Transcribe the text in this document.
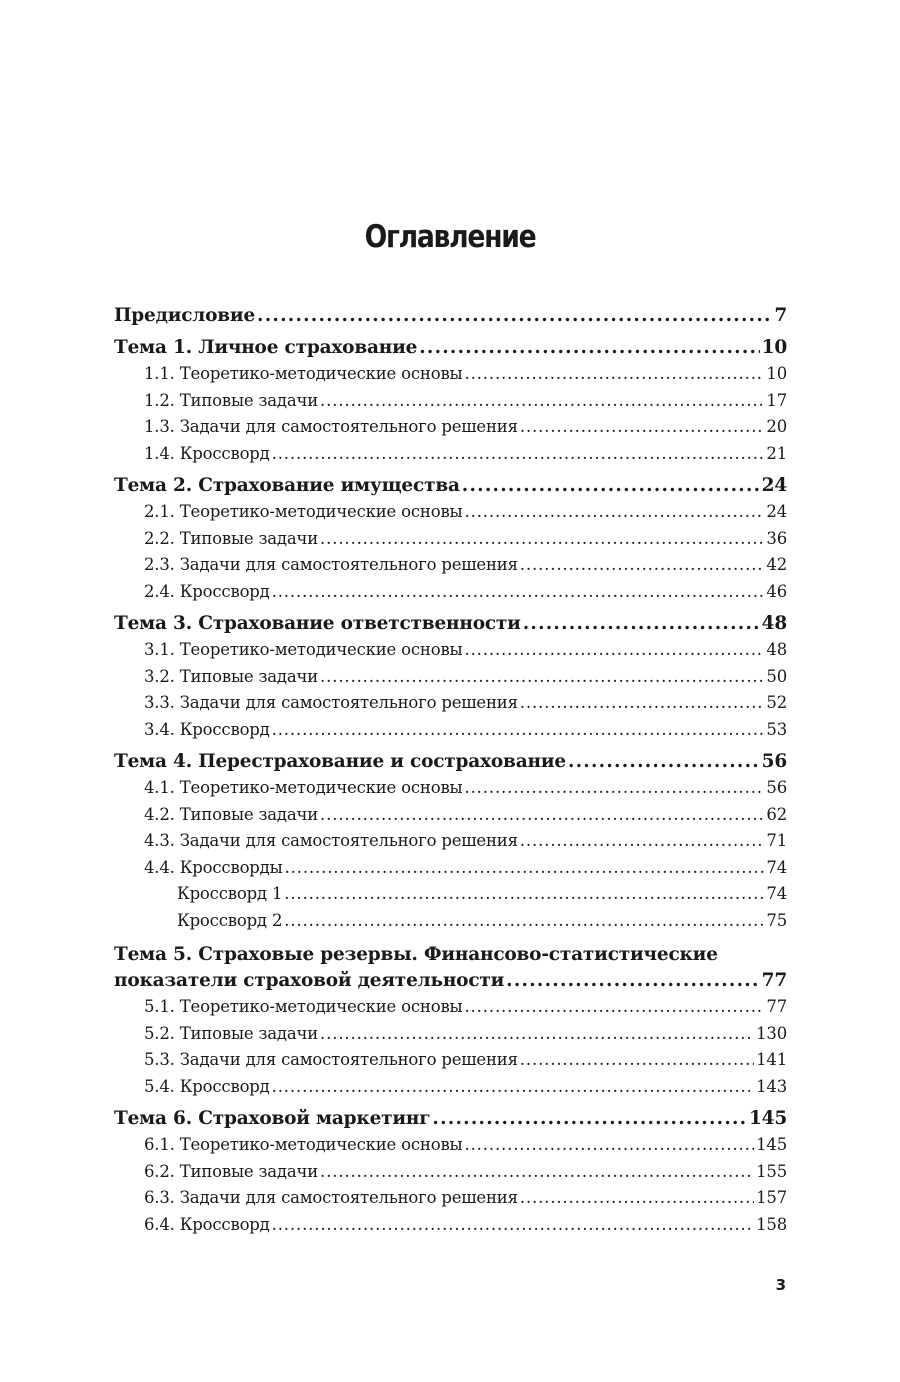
Оглавление
Предисловие . . .	7
Тема 1. Личное страхование . . .	10
1.1. Теоретико-методические основы . . .	10
1.2. Типовые задачи . . .	17
1.3. Задачи для самостоятельного решения . . .	20
1.4. Кроссворд . . .	21
Тема 2. Страхование имущества . . .	24
2.1. Теоретико-методические основы . . .	24
2.2. Типовые задачи . . .	36
2.3. Задачи для самостоятельного решения . . .	42
2.4. Кроссворд . . .	46
Тема 3. Страхование ответственности . . .	48
3.1. Теоретико-методические основы . . .	48
3.2. Типовые задачи . . .	50
3.3. Задачи для самостоятельного решения . . .	52
3.4. Кроссворд . . .	53
Тема 4. Перестрахование и сострахование . . .	56
4.1. Теоретико-методические основы . . .	56
4.2. Типовые задачи . . .	62
4.3. Задачи для самостоятельного решения . . .	71
4.4. Кроссворды . . .	74
Кроссворд 1 . . .	74
Кроссворд 2 . . .	75
Тема 5. Страховые резервы. Финансово-статистические
показатели страховой деятельности . . .	77
5.1. Теоретико-методические основы . . .	77
5.2. Типовые задачи . . .	130
5.3. Задачи для самостоятельного решения . . .	141
5.4. Кроссворд . . .	143
Тема 6. Страховой маркетинг . . .	145
6.1. Теоретико-методические основы . . .	145
6.2. Типовые задачи . . .	155
6.3. Задачи для самостоятельного решения . . .	157
6.4. Кроссворд . . .	158
3
